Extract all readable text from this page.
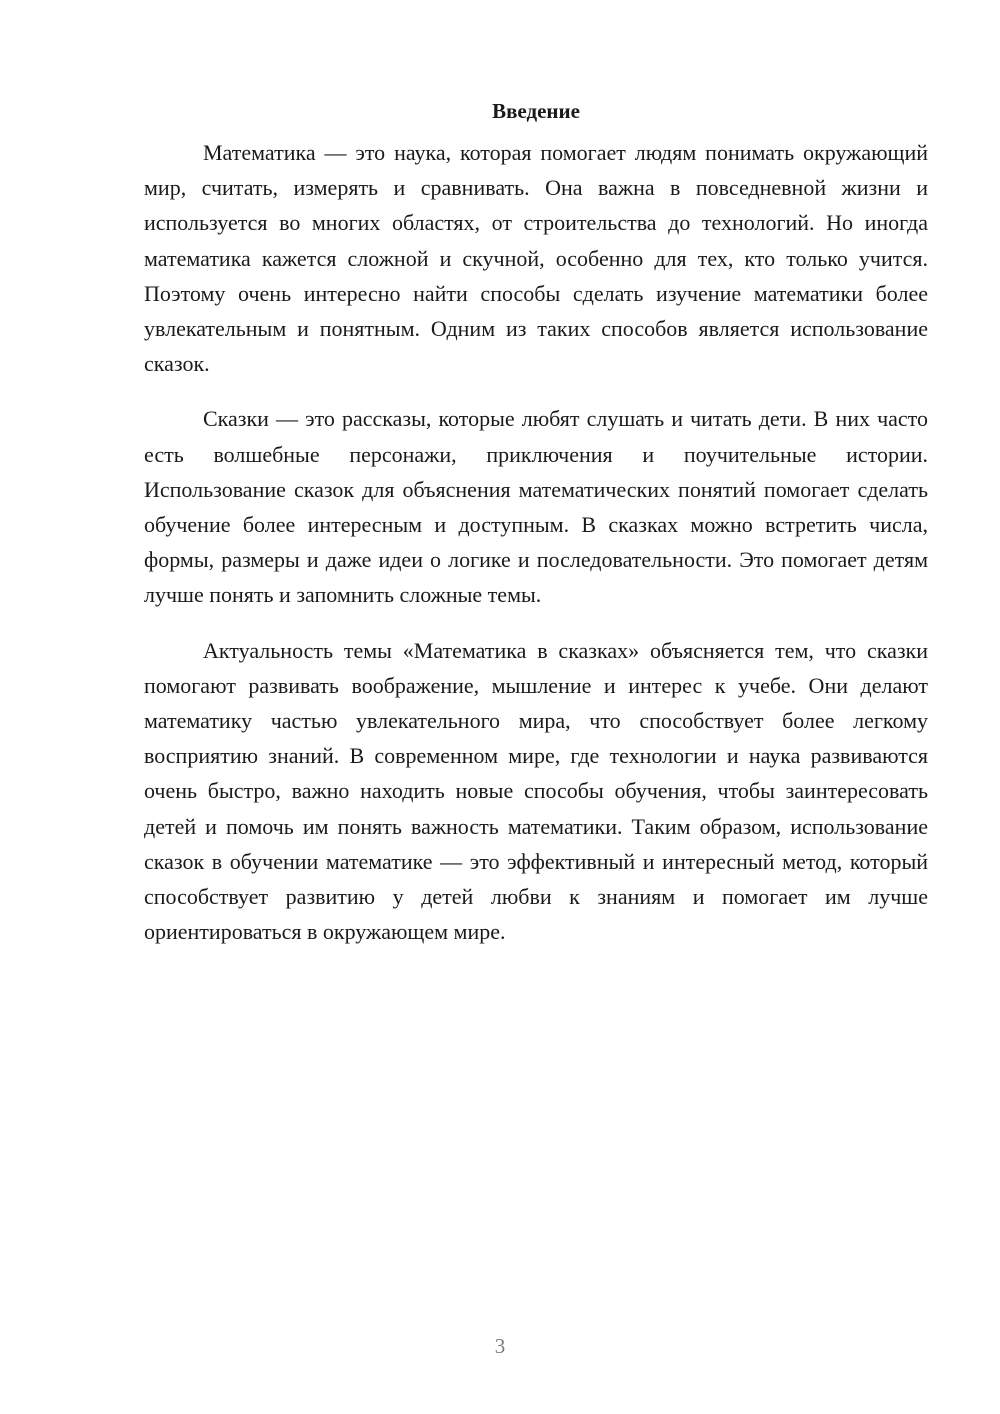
Введение

Математика — это наука, которая помогает людям понимать окружающий мир, считать, измерять и сравнивать. Она важна в повседневной жизни и используется во многих областях, от строительства до технологий. Но иногда математика кажется сложной и скучной, особенно для тех, кто только учится. Поэтому очень интересно найти способы сделать изучение математики более увлекательным и понятным. Одним из таких способов является использование сказок.

Сказки — это рассказы, которые любят слушать и читать дети. В них часто есть волшебные персонажи, приключения и поучительные истории. Использование сказок для объяснения математических понятий помогает сделать обучение более интересным и доступным. В сказках можно встретить числа, формы, размеры и даже идеи о логике и последовательности. Это помогает детям лучше понять и запомнить сложные темы.

Актуальность темы «Математика в сказках» объясняется тем, что сказки помогают развивать воображение, мышление и интерес к учебе. Они делают математику частью увлекательного мира, что способствует более легкому восприятию знаний. В современном мире, где технологии и наука развиваются очень быстро, важно находить новые способы обучения, чтобы заинтересовать детей и помочь им понять важность математики. Таким образом, использование сказок в обучении математике — это эффективный и интересный метод, который способствует развитию у детей любви к знаниям и помогает им лучше ориентироваться в окружающем мире.

3
